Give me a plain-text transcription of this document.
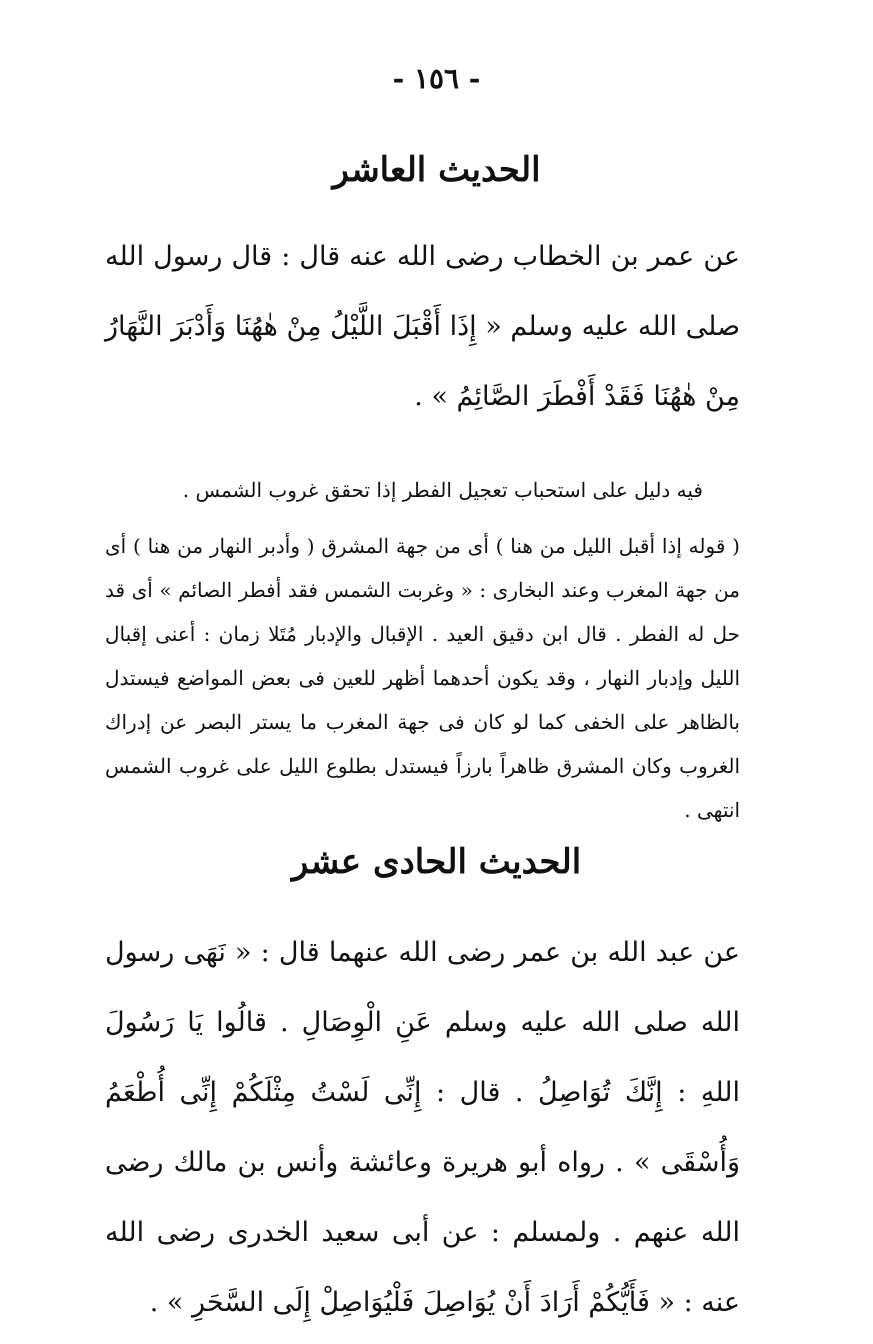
- ١٥٦ -
الحديث العاشر
عن عمر بن الخطاب رضى الله عنه قال : قال رسول الله صلى الله عليه وسلم « إِذَا أَقْبَلَ اللَّيْلُ مِنْ هٰهُنَا وَأَدْبَرَ النَّهَارُ مِنْ هٰهُنَا فَقَدْ أَفْطَرَ الصَّائِمُ » .
فيه دليل على استحباب تعجيل الفطر إذا تحقق غروب الشمس .
( قوله إذا أقبل الليل من هنا ) أى من جهة المشرق ( وأدبر النهار من هنا ) أى من جهة المغرب وعند البخارى : « وغربت الشمس فقد أفطر الصائم » أى قد حل له الفطر . قال ابن دقيق العيد . الإقبال والإدبار مُتَلا زمان : أعنى إقبال الليل وإدبار النهار ، وقد يكون أحدهما أظهر للعين فى بعض المواضع فيستدل بالظاهر على الخفى كما لو كان فى جهة المغرب ما يستر البصر عن إدراك الغروب وكان المشرق ظاهراً بارزاً فيستدل بطلوع الليل على غروب الشمس انتهى .
الحديث الحادى عشر
عن عبد الله بن عمر رضى الله عنهما قال : « نَهَى رسول الله صلى الله عليه وسلم عَنِ الْوِصَالِ . قالُوا يَا رَسُولَ اللهِ : إِنَّكَ تُوَاصِلُ . قال : إِنِّى لَسْتُ مِثْلَكُمْ إِنِّى أُطْعَمُ وَأُسْقَى » . رواه أبو هريرة وعائشة وأنس بن مالك رضى الله عنهم . ولمسلم : عن أبى سعيد الخدرى رضى الله عنه : « فَأَيُّكُمْ أَرَادَ أَنْ يُوَاصِلَ فَلْيُوَاصِلْ إِلَى السَّحَرِ » .
